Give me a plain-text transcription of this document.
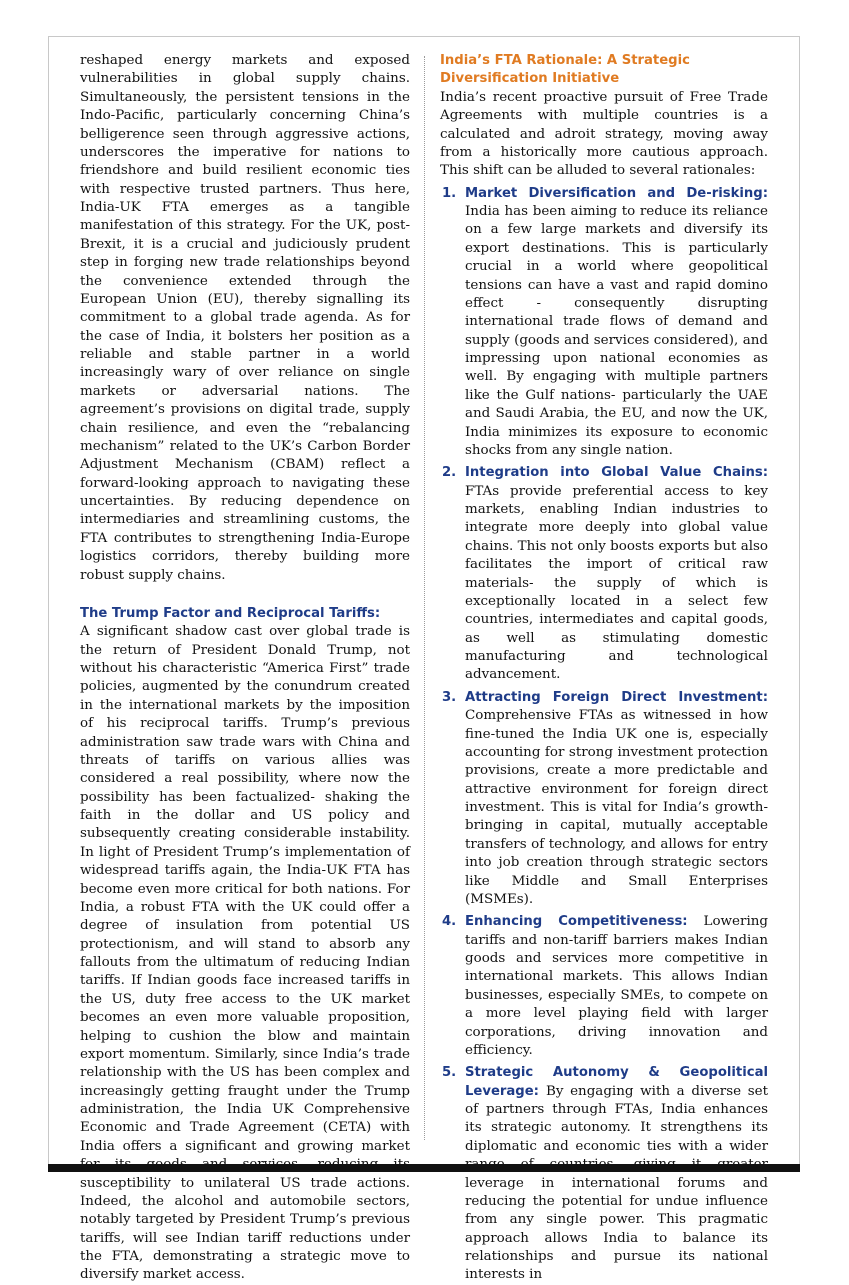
reshaped energy markets and exposed vulnerabilities in global supply chains. Simultaneously, the persistent tensions in the Indo-Pacific, particularly concerning China’s belligerence seen through aggressive actions, underscores the imperative for nations to friendshore and build resilient economic ties with respective trusted partners. Thus here, India-UK FTA emerges as a tangible manifestation of this strategy. For the UK, post-Brexit, it is a crucial and judiciously prudent step in forging new trade relationships beyond the convenience extended through the European Union (EU), thereby signalling its commitment to a global trade agenda. As for the case of India, it bolsters her position as a reliable and stable partner in a world increasingly wary of over reliance on single markets or adversarial nations. The agreement’s provisions on digital trade, supply chain resilience, and even the “rebalancing mechanism” related to the UK’s Carbon Border Adjustment Mechanism (CBAM) reflect a forward-looking approach to navigating these uncertainties. By reducing dependence on intermediaries and streamlining customs, the FTA contributes to strengthening India-Europe logistics corridors, thereby building more robust supply chains.

The Trump Factor and Reciprocal Tariffs:

A significant shadow cast over global trade is the return of President Donald Trump, not without his characteristic “America First” trade policies, augmented by the conundrum created in the international markets by the imposition of his reciprocal tariffs. Trump’s previous administration saw trade wars with China and threats of tariffs on various allies was considered a real possibility, where now the possibility has been factualized- shaking the faith in the dollar and US policy and subsequently creating considerable instability. In light of President Trump’s implementation of widespread tariffs again, the India-UK FTA has become even more critical for both nations. For India, a robust FTA with the UK could offer a degree of insulation from potential US protectionism, and will stand to absorb any fallouts from the ultimatum of reducing Indian tariffs. If Indian goods face increased tariffs in the US, duty free access to the UK market becomes an even more valuable proposition, helping to cushion the blow and maintain export momentum. Similarly, since India’s trade relationship with the US has been complex and increasingly getting fraught under the Trump administration, the India UK Comprehensive Economic and Trade Agreement (CETA) with India offers a significant and growing market susceptibility to unilateral US trade actions. Indeed, the alcohol and automobile sectors, notably targeted by President Trump’s previous tariffs, will see Indian tariff reductions under the FTA, demonstrating a strategic move to diversify market access.

India’s FTA Rationale: A Strategic Diversification Initiative

India’s recent proactive pursuit of Free Trade Agreements with multiple countries is a calculated and adroit strategy, moving away from a historically more cautious approach. This shift can be alluded to several rationales:

1. Market Diversification and De-risking: India has been aiming to reduce its reliance on a few large markets and diversify its export destinations. This is particularly crucial in a world where geopolitical tensions can have a vast and rapid domino effect - consequently disrupting international trade flows of demand and supply (goods and services considered), and impressing upon national economies as well. By engaging with multiple partners like the Gulf nations- particularly the UAE and Saudi Arabia, the EU, and now the UK, India minimizes its exposure to economic shocks from any single nation.
2. Integration into Global Value Chains: FTAs provide preferential access to key markets, enabling Indian industries to integrate more deeply into global value chains. This not only boosts exports but also facilitates the import of critical raw materials- the supply of which is exceptionally located in a select few countries, intermediates and capital goods, as well as stimulating domestic manufacturing and technological advancement.
3. Attracting Foreign Direct Investment: Comprehensive FTAs as witnessed in how fine-tuned the India UK one is, especially accounting for strong investment protection provisions, create a more predictable and attractive environment for foreign direct investment. This is vital for India’s growth- bringing in capital, mutually acceptable transfers of technology, and allows for entry into job creation through strategic sectors like Middle and Small Enterprises (MSMEs).
4. Enhancing Competitiveness: Lowering tariffs and non-tariff barriers makes Indian goods and services more competitive in international markets. This allows Indian businesses, especially SMEs, to compete on a more level playing field with larger corporations, driving innovation and efficiency.
5. Strategic Autonomy & Geopolitical Leverage: By engaging with a diverse set of partners through FTAs, India enhances its strategic autonomy. It strengthens its diplomatic and economic ties with a wider leverage in international forums and reducing the potential for undue influence from any single power. This pragmatic approach allows India to balance its relationships and pursue its national interests in
